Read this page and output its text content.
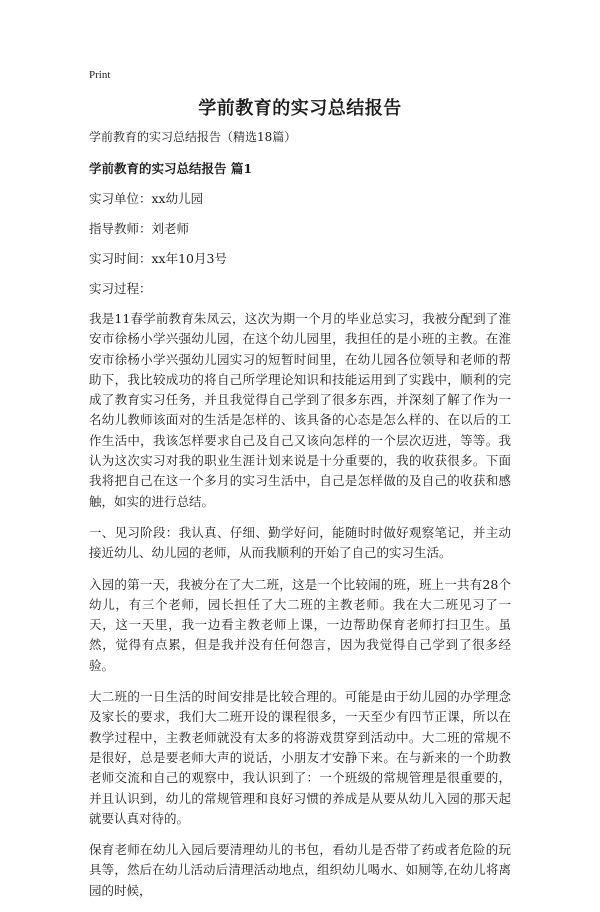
Print
学前教育的实习总结报告

学前教育的实习总结报告（精选18篇）

学前教育的实习总结报告 篇1

实习单位：xx幼儿园

指导教师：刘老师

实习时间：xx年10月3号

实习过程：

我是11春学前教育朱凤云，这次为期一个月的毕业总实习，我被分配到了淮安市徐杨小学兴强幼儿园，在这个幼儿园里，我担任的是小班的主教。在淮安市徐杨小学兴强幼儿园实习的短暂时间里，在幼儿园各位领导和老师的帮助下，我比较成功的将自己所学理论知识和技能运用到了实践中，顺利的完成了教育实习任务，并且我觉得自己学到了很多东西，并深刻了解了作为一名幼儿教师该面对的生活是怎样的、该具备的心态是怎么样的、在以后的工作生活中，我该怎样要求自己及自己又该向怎样的一个层次迈进，等等。我认为这次实习对我的职业生涯计划来说是十分重要的，我的收获很多。下面我将把自己在这一个多月的实习生活中，自己是怎样做的及自己的收获和感触，如实的进行总结。

一、见习阶段：我认真、仔细、勤学好问，能随时时做好观察笔记，并主动接近幼儿、幼儿园的老师，从而我顺利的开始了自己的实习生活。

入园的第一天，我被分在了大二班，这是一个比较闹的班，班上一共有28个幼儿，有三个老师，园长担任了大二班的主教老师。我在大二班见习了一天，这一天里，我一边看主教老师上课，一边帮助保育老师打扫卫生。虽然，觉得有点累，但是我并没有任何怨言，因为我觉得自己学到了很多经验。

大二班的一日生活的时间安排是比较合理的。可能是由于幼儿园的办学理念及家长的要求，我们大二班开设的课程很多，一天至少有四节正课，所以在教学过程中，主教老师就没有太多的将游戏贯穿到活动中。大二班的常规不是很好，总是要老师大声的说话，小朋友才安静下来。在与新来的一个助教老师交流和自己的观察中，我认识到了：一个班级的常规管理是很重要的，并且认识到，幼儿的常规管理和良好习惯的养成是从要从幼儿入园的那天起就要认真对待的。

保育老师在幼儿入园后要清理幼儿的书包，看幼儿是否带了药或者危险的玩具等，然后在幼儿活动后清理活动地点，组织幼儿喝水、如厕等,在幼儿将离园的时候，
